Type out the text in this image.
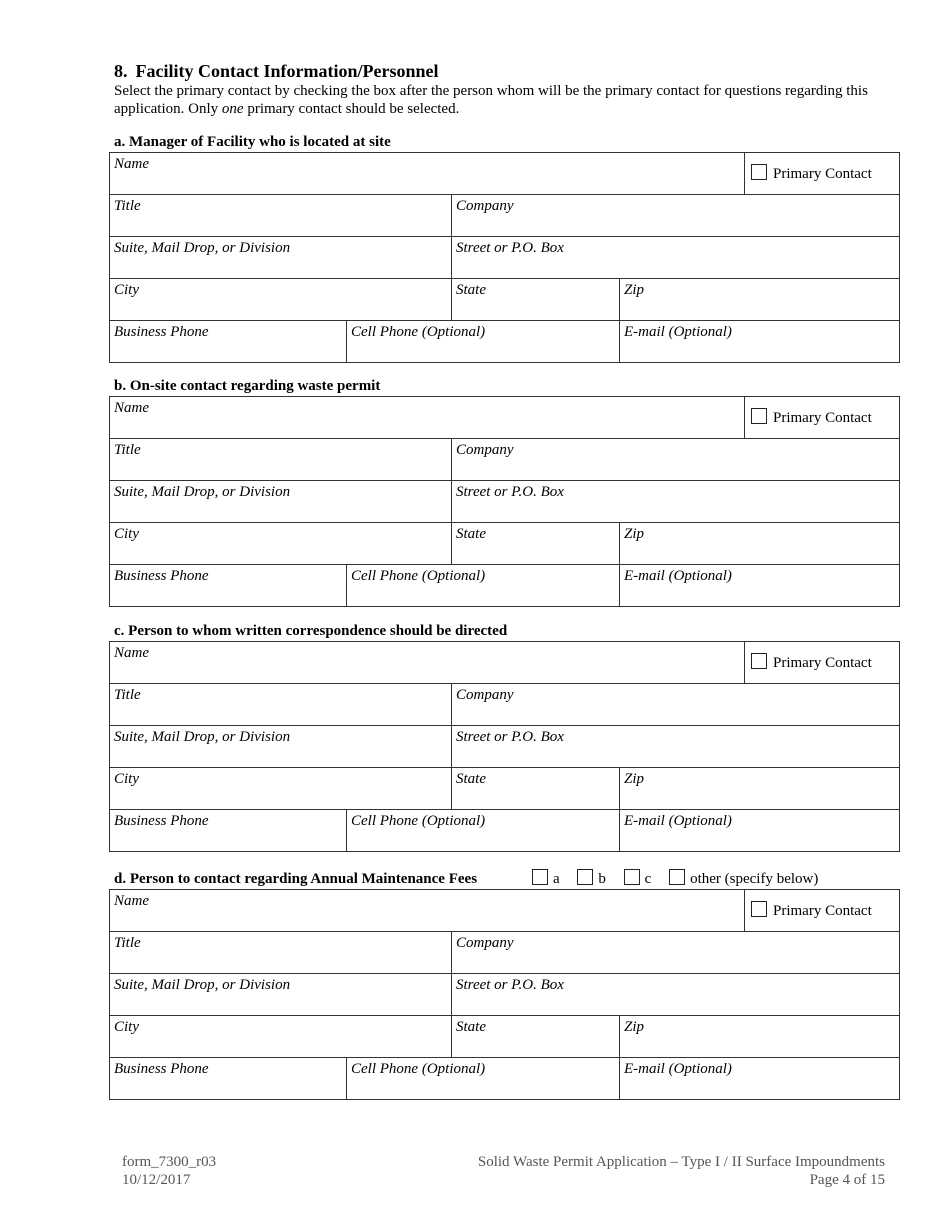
8. Facility Contact Information/Personnel
Select the primary contact by checking the box after the person whom will be the primary contact for questions regarding this application. Only one primary contact should be selected.
a. Manager of Facility who is located at site
Name				Primary Contact

Title		Company		

Suite, Mail Drop, or Division		Street or P.O. Box		

City		State	Zip	

Business Phone	Cell Phone (Optional)		E-mail (Optional)	
b. On-site contact regarding waste permit
Name				Primary Contact

Title		Company		

Suite, Mail Drop, or Division		Street or P.O. Box		

City		State	Zip	

Business Phone	Cell Phone (Optional)		E-mail (Optional)	
c. Person to whom written correspondence should be directed
Name				Primary Contact

Title		Company		

Suite, Mail Drop, or Division		Street or P.O. Box		

City		State	Zip	

Business Phone	Cell Phone (Optional)		E-mail (Optional)	
d. Person to contact regarding Annual Maintenance Fees	a	b	c	other (specify below)
Name				Primary Contact

Title		Company		

Suite, Mail Drop, or Division		Street or P.O. Box		

City		State	Zip	

Business Phone	Cell Phone (Optional)		E-mail (Optional)	
form_7300_r03
10/12/2017
Solid Waste Permit Application – Type I / II Surface Impoundments
Page 4 of 15
